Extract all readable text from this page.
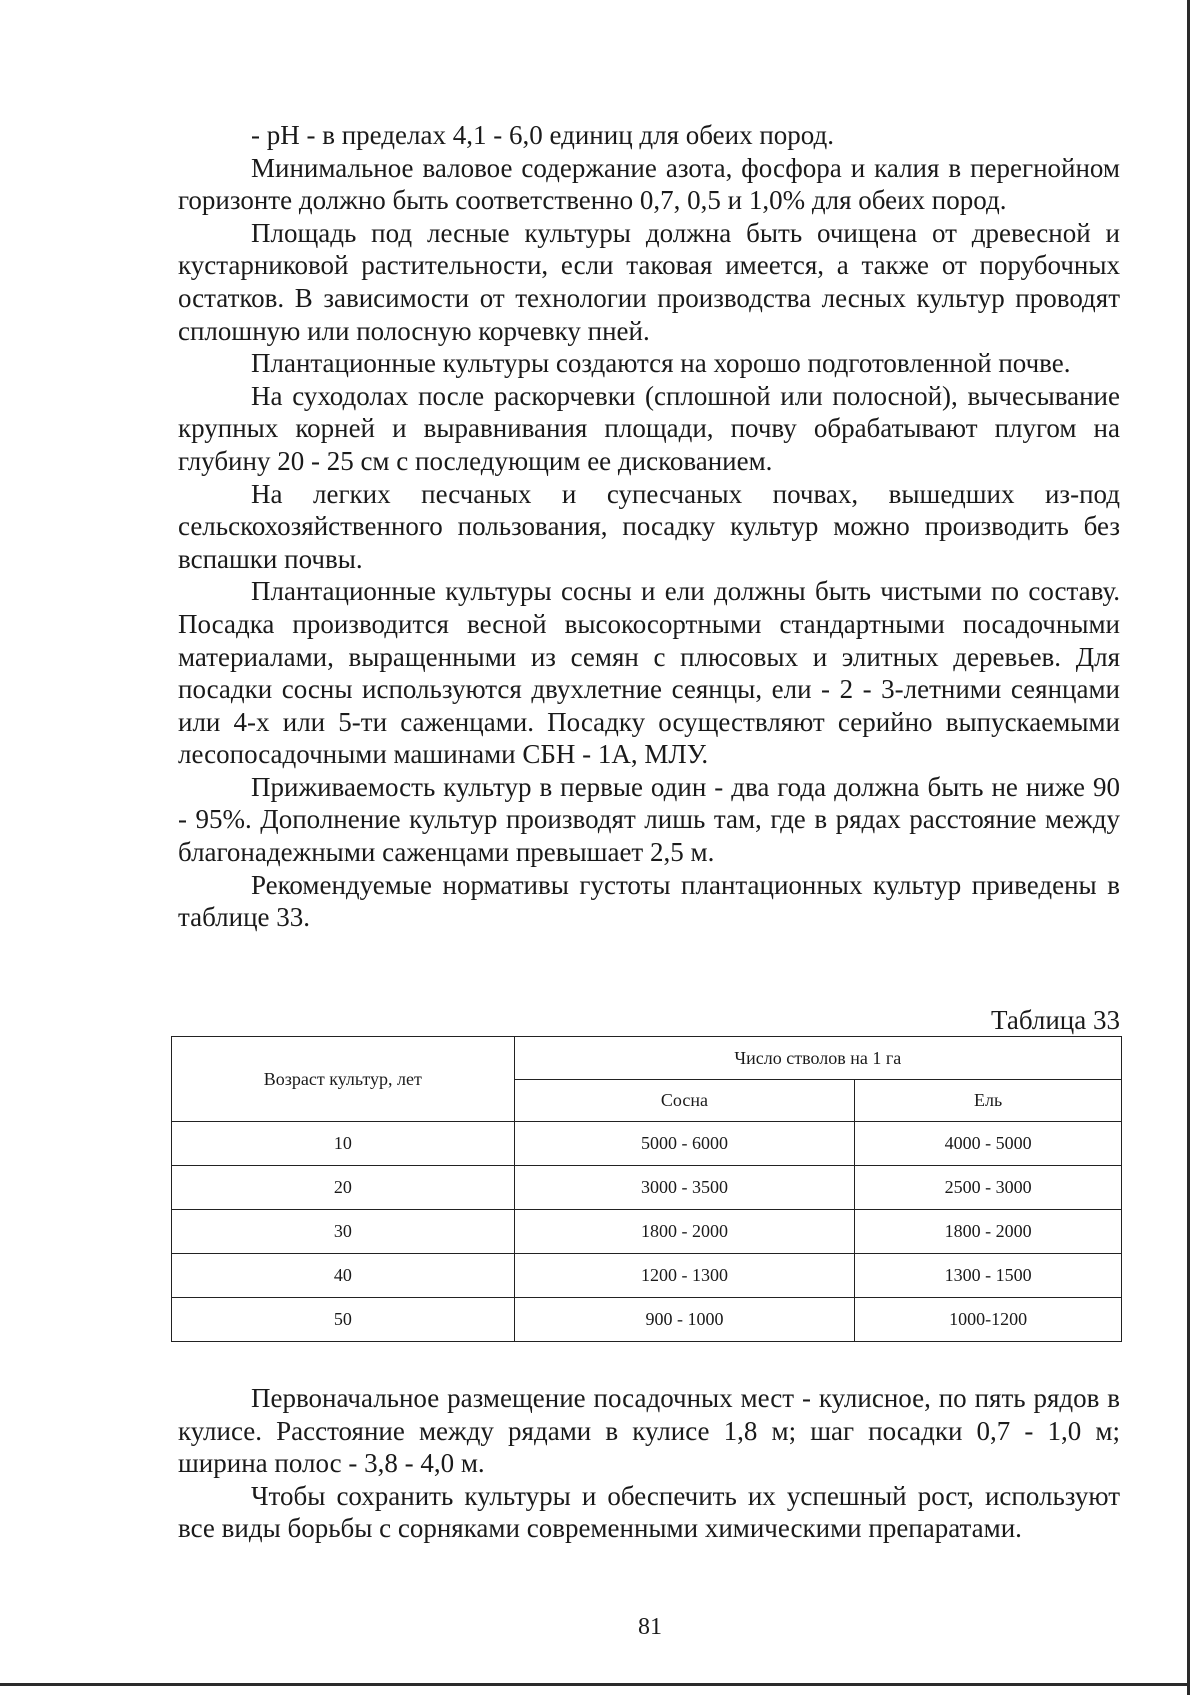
- pH - в пределах 4,1 - 6,0 единиц для обеих пород.

Минимальное валовое содержание азота, фосфора и калия в перегнойном горизонте должно быть соответственно 0,7, 0,5 и 1,0% для обеих пород.

Площадь под лесные культуры должна быть очищена от древесной и кустарниковой растительности, если таковая имеется, а также от порубочных остатков. В зависимости от технологии производства лесных культур проводят сплошную или полосную корчевку пней.

Плантационные культуры создаются на хорошо подготовленной почве.

На суходолах после раскорчевки (сплошной или полосной), вычесывание крупных корней и выравнивания площади, почву обрабатывают плугом на глубину 20 - 25 см с последующим ее дискованием.

На легких песчаных и супесчаных почвах, вышедших из-под сельскохозяйственного пользования, посадку культур можно производить без вспашки почвы.

Плантационные культуры сосны и ели должны быть чистыми по составу. Посадка производится весной высокосортными стандартными посадочными материалами, выращенными из семян с плюсовых и элитных деревьев. Для посадки сосны используются двухлетние сеянцы, ели - 2 - 3-летними сеянцами или 4-х или 5-ти саженцами. Посадку осуществляют серийно выпускаемыми лесопосадочными машинами СБН - 1А, МЛУ.

Приживаемость культур в первые один - два года должна быть не ниже 90 - 95%. Дополнение культур производят лишь там, где в рядах расстояние между благонадежными саженцами превышает 2,5 м.

Рекомендуемые нормативы густоты плантационных культур приведены в таблице 33.

Таблица 33
Возраст культур, лет	Число стволов на 1 га	
	Сосна	Ель
10	5000 - 6000	4000 - 5000
20	3000 - 3500	2500 - 3000
30	1800 - 2000	1800 - 2000
40	1200 - 1300	1300 - 1500
50	900 - 1000	1000-1200

Первоначальное размещение посадочных мест - кулисное, по пять рядов в кулисе. Расстояние между рядами в кулисе 1,8 м; шаг посадки 0,7 - 1,0 м; ширина полос - 3,8 - 4,0 м.

Чтобы сохранить культуры и обеспечить их успешный рост, используют все виды борьбы с сорняками современными химическими препаратами.

81
